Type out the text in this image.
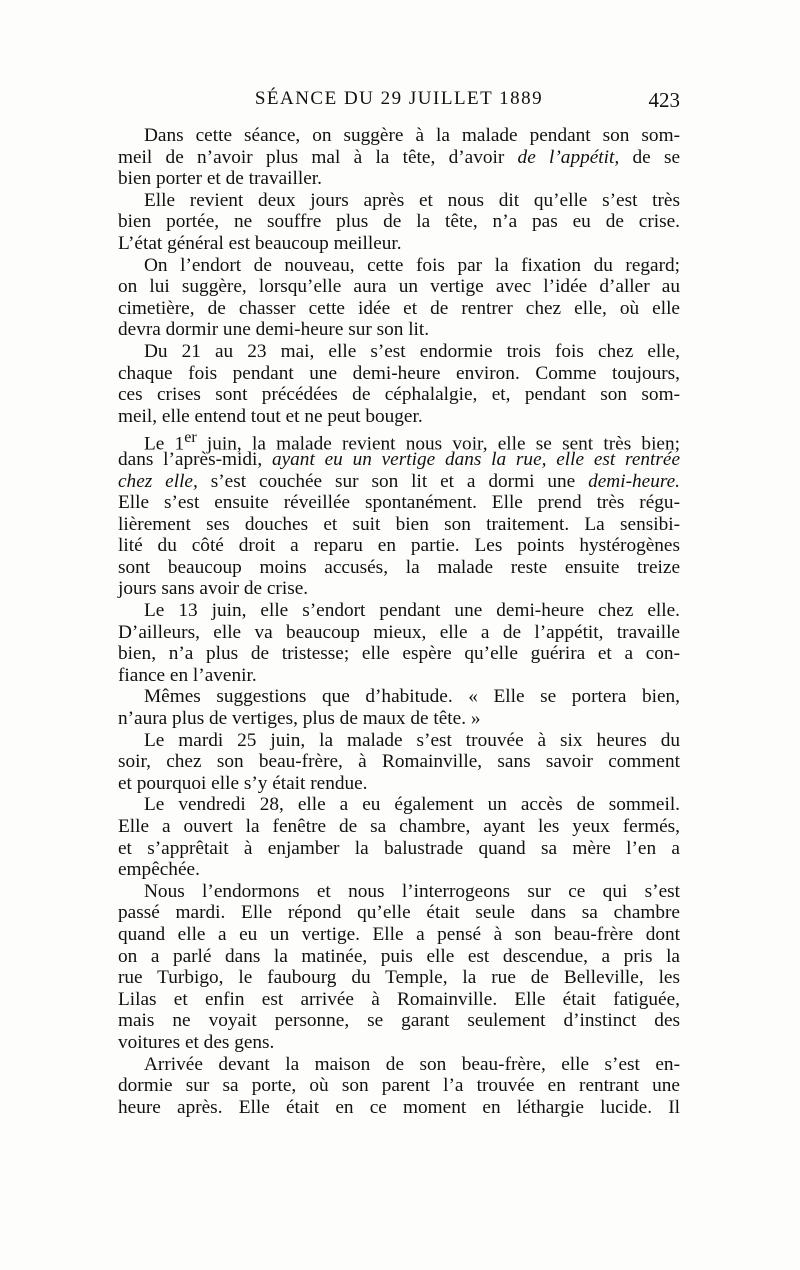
SÉANCE DU 29 JUILLET 1889	423
Dans cette séance, on suggère à la malade pendant son som-
meil de n’avoir plus mal à la tête, d’avoir de l’appétit, de se
bien porter et de travailler.
Elle revient deux jours après et nous dit qu’elle s’est très
bien portée, ne souffre plus de la tête, n’a pas eu de crise.
L’état général est beaucoup meilleur.
On l’endort de nouveau, cette fois par la fixation du regard;
on lui suggère, lorsqu’elle aura un vertige avec l’idée d’aller au
cimetière, de chasser cette idée et de rentrer chez elle, où elle
devra dormir une demi-heure sur son lit.
Du 21 au 23 mai, elle s’est endormie trois fois chez elle,
chaque fois pendant une demi-heure environ. Comme toujours,
ces crises sont précédées de céphalalgie, et, pendant son som-
meil, elle entend tout et ne peut bouger.
Le 1er juin, la malade revient nous voir, elle se sent très bien;
dans l’après-midi, ayant eu un vertige dans la rue, elle est rentrée
chez elle, s’est couchée sur son lit et a dormi une demi-heure.
Elle s’est ensuite réveillée spontanément. Elle prend très régu-
lièrement ses douches et suit bien son traitement. La sensibi-
lité du côté droit a reparu en partie. Les points hystérogènes
sont beaucoup moins accusés, la malade reste ensuite treize
jours sans avoir de crise.
Le 13 juin, elle s’endort pendant une demi-heure chez elle.
D’ailleurs, elle va beaucoup mieux, elle a de l’appétit, travaille
bien, n’a plus de tristesse; elle espère qu’elle guérira et a con-
fiance en l’avenir.
Mêmes suggestions que d’habitude. « Elle se portera bien,
n’aura plus de vertiges, plus de maux de tête. »
Le mardi 25 juin, la malade s’est trouvée à six heures du
soir, chez son beau-frère, à Romainville, sans savoir comment
et pourquoi elle s’y était rendue.
Le vendredi 28, elle a eu également un accès de sommeil.
Elle a ouvert la fenêtre de sa chambre, ayant les yeux fermés,
et s’apprêtait à enjamber la balustrade quand sa mère l’en a
empêchée.
Nous l’endormons et nous l’interrogeons sur ce qui s’est
passé mardi. Elle répond qu’elle était seule dans sa chambre
quand elle a eu un vertige. Elle a pensé à son beau-frère dont
on a parlé dans la matinée, puis elle est descendue, a pris la
rue Turbigo, le faubourg du Temple, la rue de Belleville, les
Lilas et enfin est arrivée à Romainville. Elle était fatiguée,
mais ne voyait personne, se garant seulement d’instinct des
voitures et des gens.
Arrivée devant la maison de son beau-frère, elle s’est en-
dormie sur sa porte, où son parent l’a trouvée en rentrant une
heure après. Elle était en ce moment en léthargie lucide. Il
